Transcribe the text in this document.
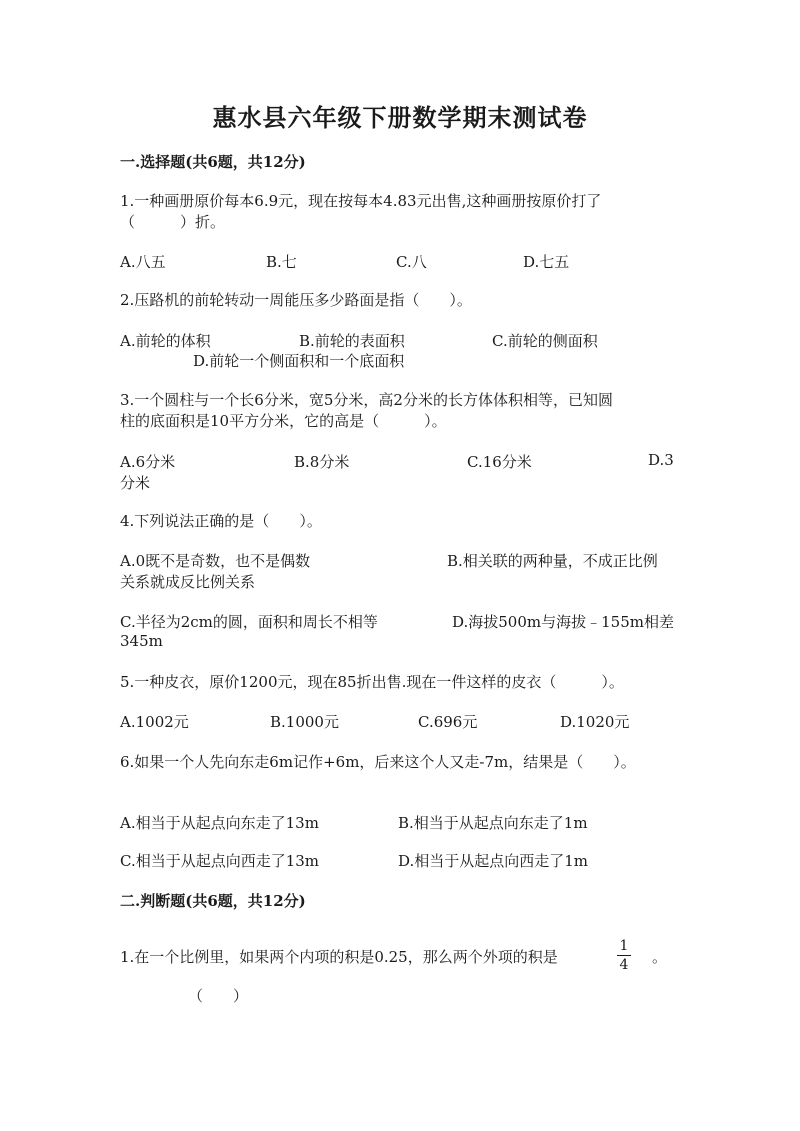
惠水县六年级下册数学期末测试卷
一.选择题(共6题，共12分)
1.一种画册原价每本6.9元，现在按每本4.83元出售,这种画册按原价打了
（　　　）折。
A.八五	B.七	C.八	D.七五
2.压路机的前轮转动一周能压多少路面是指（　　）。
A.前轮的体积	B.前轮的表面积	C.前轮的侧面积
D.前轮一个侧面积和一个底面积
3.一个圆柱与一个长6分米，宽5分米，高2分米的长方体体积相等，已知圆
柱的底面积是10平方分米，它的高是（　　　）。
A.6分米	B.8分米	C.16分米	D.3
分米
4.下列说法正确的是（　　）。
A.0既不是奇数，也不是偶数	B.相关联的两种量，不成正比例
关系就成反比例关系
C.半径为2cm的圆，面积和周长不相等	D.海拔500m与海拔﹣155m相差
345m
5.一种皮衣，原价1200元，现在85折出售.现在一件这样的皮衣（　　　）。
A.1002元	B.1000元	C.696元	D.1020元
6.如果一个人先向东走6m记作+6m，后来这个人又走-7m，结果是（　　）。
A.相当于从起点向东走了13m	B.相当于从起点向东走了1m
C.相当于从起点向西走了13m	D.相当于从起点向西走了1m
二.判断题(共6题，共12分)
1.在一个比例里，如果两个内项的积是0.25，那么两个外项的积是
1
4 。
（　　）
